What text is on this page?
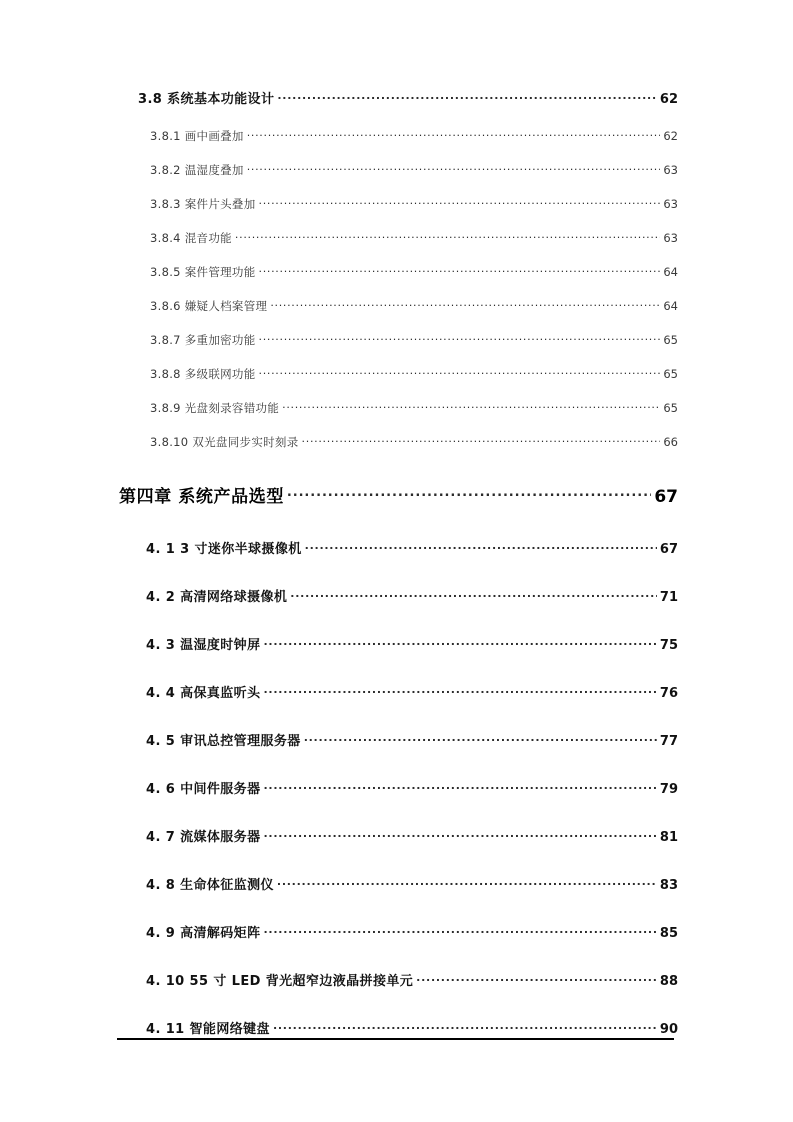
3.8 系统基本功能设计 .....	62
3.8.1 画中画叠加 .....	62
3.8.2 温湿度叠加 .....	63
3.8.3 案件片头叠加 .....	63
3.8.4 混音功能 .....	63
3.8.5 案件管理功能 .....	64
3.8.6 嫌疑人档案管理 .....	64
3.8.7 多重加密功能 .....	65
3.8.8 多级联网功能 .....	65
3.8.9 光盘刻录容错功能 .....	65
3.8.10 双光盘同步实时刻录 .....	66
第四章 系统产品选型 .....	67
4. 1 3 寸迷你半球摄像机 .....	67
4. 2 高清网络球摄像机 .....	71
4. 3 温湿度时钟屏 .....	75
4. 4 高保真监听头 .....	76
4. 5 审讯总控管理服务器 .....	77
4. 6 中间件服务器 .....	79
4. 7 流媒体服务器 .....	81
4. 8 生命体征监测仪 .....	83
4. 9 高清解码矩阵 .....	85
4. 10 55 寸 LED 背光超窄边液晶拼接单元 .....	88
4. 11 智能网络键盘 .....	90
